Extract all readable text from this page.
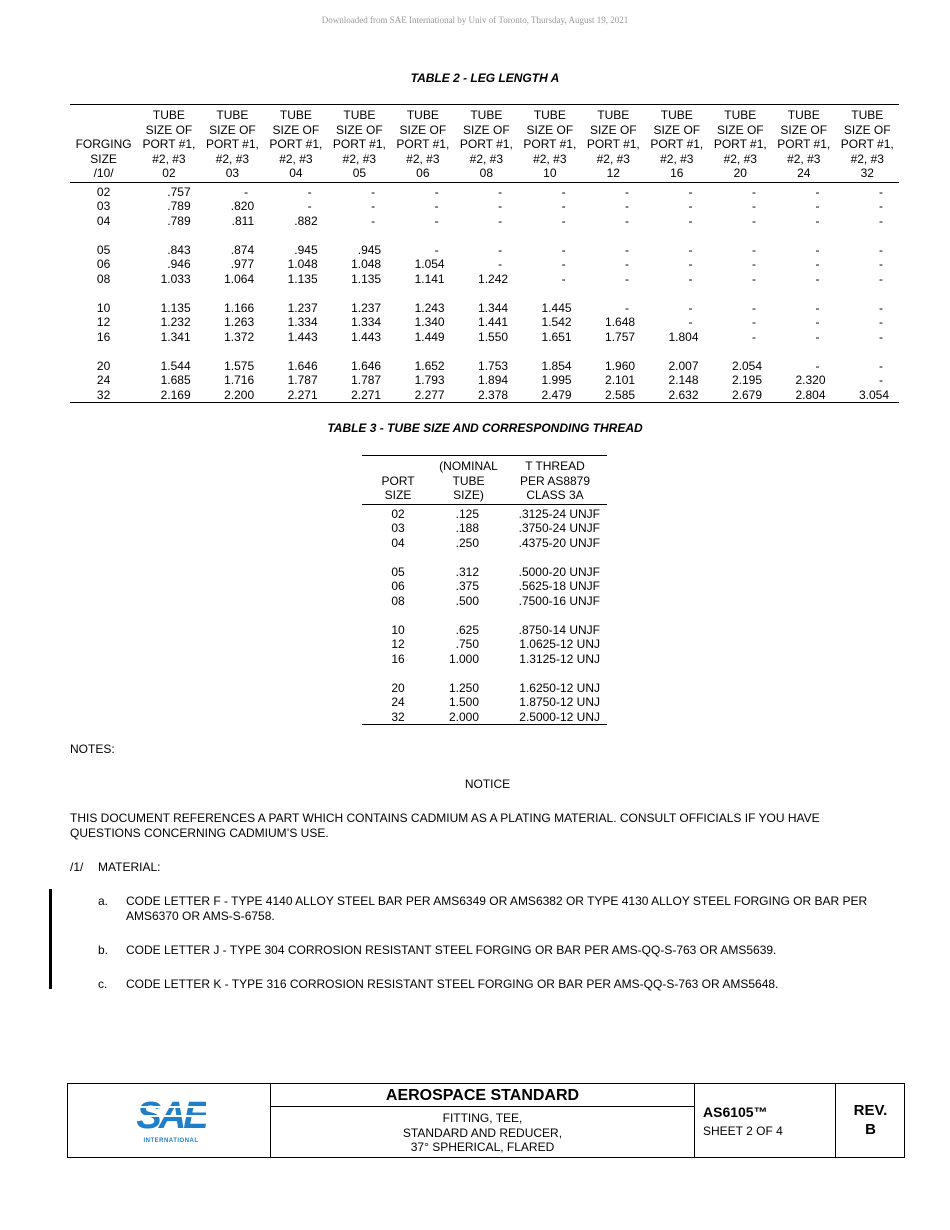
Downloaded from SAE International by Univ of Toronto, Thursday, August 19, 2021
TABLE 2 - LEG LENGTH A
	TUBE	TUBE	TUBE	TUBE	TUBE	TUBE	TUBE	TUBE	TUBE	TUBE	TUBE	TUBE
	SIZE OF	SIZE OF	SIZE OF	SIZE OF	SIZE OF	SIZE OF	SIZE OF	SIZE OF	SIZE OF	SIZE OF	SIZE OF	SIZE OF
FORGING	PORT #1,	PORT #1,	PORT #1,	PORT #1,	PORT #1,	PORT #1,	PORT #1,	PORT #1,	PORT #1,	PORT #1,	PORT #1,	PORT #1,
SIZE	#2, #3	#2, #3	#2, #3	#2, #3	#2, #3	#2, #3	#2, #3	#2, #3	#2, #3	#2, #3	#2, #3	#2, #3
/10/	02	03	04	05	06	08	10	12	16	20	24	32
02	.757	-	-	-	-	-	-	-	-	-	-	-
03	.789	.820	-	-	-	-	-	-	-	-	-	-
04	.789	.811	.882	-	-	-	-	-	-	-	-	-
05	.843	.874	.945	.945	-	-	-	-	-	-	-	-
06	.946	.977	1.048	1.048	1.054	-	-	-	-	-	-	-
08	1.033	1.064	1.135	1.135	1.141	1.242	-	-	-	-	-	-
10	1.135	1.166	1.237	1.237	1.243	1.344	1.445	-	-	-	-	-
12	1.232	1.263	1.334	1.334	1.340	1.441	1.542	1.648	-	-	-	-
16	1.341	1.372	1.443	1.443	1.449	1.550	1.651	1.757	1.804	-	-	-
20	1.544	1.575	1.646	1.646	1.652	1.753	1.854	1.960	2.007	2.054	-	-
24	1.685	1.716	1.787	1.787	1.793	1.894	1.995	2.101	2.148	2.195	2.320	-
32	2.169	2.200	2.271	2.271	2.277	2.378	2.479	2.585	2.632	2.679	2.804	3.054
TABLE 3 - TUBE SIZE AND CORRESPONDING THREAD
	(NOMINAL	T THREAD
PORT	TUBE	PER AS8879
SIZE	SIZE)	CLASS 3A
02	.125	.3125-24 UNJF
03	.188	.3750-24 UNJF
04	.250	.4375-20 UNJF
05	.312	.5000-20 UNJF
06	.375	.5625-18 UNJF
08	.500	.7500-16 UNJF
10	.625	.8750-14 UNJF
12	.750	1.0625-12 UNJ
16	1.000	1.3125-12 UNJ
20	1.250	1.6250-12 UNJ
24	1.500	1.8750-12 UNJ
32	2.000	2.5000-12 UNJ
NOTES:
NOTICE
THIS DOCUMENT REFERENCES A PART WHICH CONTAINS CADMIUM AS A PLATING MATERIAL. CONSULT OFFICIALS IF YOU HAVE QUESTIONS CONCERNING CADMIUM’S USE.
/1/ MATERIAL:
a. CODE LETTER F - TYPE 4140 ALLOY STEEL BAR PER AMS6349 OR AMS6382 OR TYPE 4130 ALLOY STEEL FORGING OR BAR PER AMS6370 OR AMS-S-6758.
b. CODE LETTER J - TYPE 304 CORROSION RESISTANT STEEL FORGING OR BAR PER AMS-QQ-S-763 OR AMS5639.
c. CODE LETTER K - TYPE 316 CORROSION RESISTANT STEEL FORGING OR BAR PER AMS-QQ-S-763 OR AMS5648.
SAE
INTERNATIONAL
AEROSPACE STANDARD
FITTING, TEE,
STANDARD AND REDUCER,
37° SPHERICAL, FLARED
AS6105™
SHEET 2 OF 4
REV.
B
